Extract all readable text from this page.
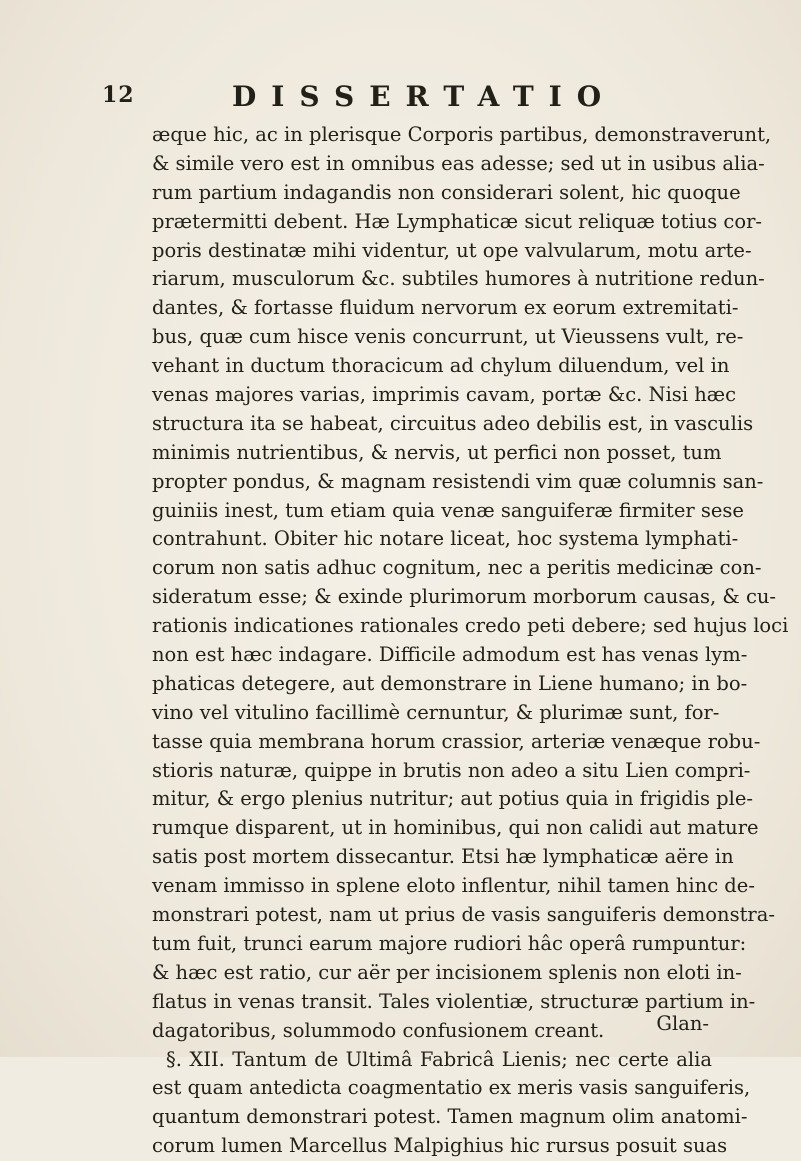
12	DISSERTATIO
æque hic, ac in plerisque Corporis partibus, demonstraverunt,
& simile vero est in omnibus eas adesse; sed ut in usibus alia-
rum partium indagandis non considerari solent, hic quoque
prætermitti debent. Hæ Lymphaticæ sicut reliquæ totius cor-
poris destinatæ mihi videntur, ut ope valvularum, motu arte-
riarum, musculorum &c. subtiles humores à nutritione redun-
dantes, & fortasse fluidum nervorum ex eorum extremitati-
bus, quæ cum hisce venis concurrunt, ut Vieussens vult, re-
vehant in ductum thoracicum ad chylum diluendum, vel in
venas majores varias, imprimis cavam, portæ &c. Nisi hæc
structura ita se habeat, circuitus adeo debilis est, in vasculis
minimis nutrientibus, & nervis, ut perfici non posset, tum
propter pondus, & magnam resistendi vim quæ columnis san-
guiniis inest, tum etiam quia venæ sanguiferæ firmiter sese
contrahunt. Obiter hic notare liceat, hoc systema lymphati-
corum non satis adhuc cognitum, nec a peritis medicinæ con-
sideratum esse; & exinde plurimorum morborum causas, & cu-
rationis indicationes rationales credo peti debere; sed hujus loci
non est hæc indagare. Difficile admodum est has venas lym-
phaticas detegere, aut demonstrare in Liene humano; in bo-
vino vel vitulino facillimè cernuntur, & plurimæ sunt, for-
tasse quia membrana horum crassior, arteriæ venæque robu-
stioris naturæ, quippe in brutis non adeo a situ Lien compri-
mitur, & ergo plenius nutritur; aut potius quia in frigidis ple-
rumque disparent, ut in hominibus, qui non calidi aut mature
satis post mortem dissecantur. Etsi hæ lymphaticæ aëre in
venam immisso in splene eloto inflentur, nihil tamen hinc de-
monstrari potest, nam ut prius de vasis sanguiferis demonstra-
tum fuit, trunci earum majore rudiori hâc operâ rumpuntur:
& hæc est ratio, cur aër per incisionem splenis non eloti in-
flatus in venas transit. Tales violentiæ, structuræ partium in-
dagatoribus, solummodo confusionem creant.
§. XII. Tantum de Ultimâ Fabricâ Lienis; nec certe alia
est quam antedicta coagmentatio ex meris vasis sanguiferis,
quantum demonstrari potest. Tamen magnum olim anatomi-
corum lumen Marcellus Malpighius hic rursus posuit suas
Glan-
